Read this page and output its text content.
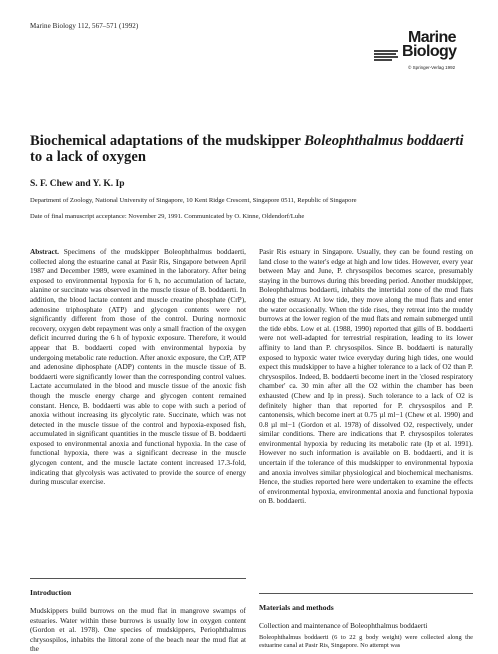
Marine Biology 112, 567–571 (1992)
Marine
Biology
© Springer-Verlag 1992
Biochemical adaptations of the mudskipper Boleophthalmus boddaerti
to a lack of oxygen
S. F. Chew and Y. K. Ip
Department of Zoology, National University of Singapore, 10 Kent Ridge Crescent, Singapore 0511, Republic of Singapore
Date of final manuscript acceptance: November 29, 1991. Communicated by O. Kinne, Oldendorf/Luhe
Abstract. Specimens of the mudskipper Boleophthalmus boddaerti, collected along the estuarine canal at Pasir Ris, Singapore between April 1987 and December 1989, were examined in the laboratory. After being exposed to environmental hypoxia for 6 h, no accumulation of lactate, alanine or succinate was observed in the muscle tissue of B. boddaerti. In addition, the blood lactate content and muscle creatine phosphate (CrP), adenosine triphosphate (ATP) and glycogen contents were not significantly different from those of the control. During normoxic recovery, oxygen debt repayment was only a small fraction of the oxygen deficit incurred during the 6 h of hypoxic exposure. Therefore, it would appear that B. boddaerti coped with environmental hypoxia by undergoing metabolic rate reduction. After anoxic exposure, the CrP, ATP and adenosine diphosphate (ADP) contents in the muscle tissue of B. boddaerti were significantly lower than the corresponding control values. Lactate accumulated in the blood and muscle tissue of the anoxic fish though the muscle energy charge and glycogen content remained constant. Hence, B. boddaerti was able to cope with such a period of anoxia without increasing its glycolytic rate. Succinate, which was not detected in the muscle tissue of the control and hypoxia-exposed fish, accumulated in significant quantities in the muscle tissue of B. boddaerti exposed to environmental anoxia and functional hypoxia. In the case of functional hypoxia, there was a significant decrease in the muscle glycogen content, and the muscle lactate content increased 17.3-fold, indicating that glycolysis was activated to provide the source of energy during muscular exercise.
Pasir Ris estuary in Singapore. Usually, they can be found resting on land close to the water's edge at high and low tides. However, every year between May and June, P. chrysospilos becomes scarce, presumably staying in the burrows during this breeding period. Another mudskipper, Boleophthalmus boddaerti, inhabits the intertidal zone of the mud flats along the estuary. At low tide, they move along the mud flats and enter the water occasionally. When the tide rises, they retreat into the muddy burrows at the lower region of the mud flats and remain submerged until the tide ebbs. Low et al. (1988, 1990) reported that gills of B. boddaerti were not well-adapted for terrestrial respiration, leading to its lower affinity to land than P. chrysospilos. Since B. boddaerti is naturally exposed to hypoxic water twice everyday during high tides, one would expect this mudskipper to have a higher tolerance to a lack of O2 than P. chrysospilos. Indeed, B. boddaerti become inert in the 'closed respiratory chamber' ca. 30 min after all the O2 within the chamber has been exhausted (Chew and Ip in press). Such tolerance to a lack of O2 is definitely higher than that reported for P. chrysospilos and P. cantonensis, which become inert at 0.75 µl ml−1 (Chew et al. 1990) and 0.8 µl ml−1 (Gordon et al. 1978) of dissolved O2, respectively, under similar conditions. There are indications that P. chrysospilos tolerates environmental hypoxia by reducing its metabolic rate (Ip et al. 1991). However no such information is available on B. boddaerti, and it is uncertain if the tolerance of this mudskipper to environmental hypoxia and anoxia involves similar physiological and biochemical mechanisms. Hence, the studies reported here were undertaken to examine the effects of environmental hypoxia, environmental anoxia and functional hypoxia on B. boddaerti.
Introduction
Mudskippers build burrows on the mud flat in mangrove swamps of estuaries. Water within these burrows is usually low in oxygen content (Gordon et al. 1978). One species of mudskippers, Periophthalmus chrysospilos, inhabits the littoral zone of the beach near the mud flat at the
Materials and methods
Collection and maintenance of Boleophthalmus boddaerti
Boleophthalmus boddaerti (6 to 22 g body weight) were collected along the estuarine canal at Pasir Ris, Singapore. No attempt was
